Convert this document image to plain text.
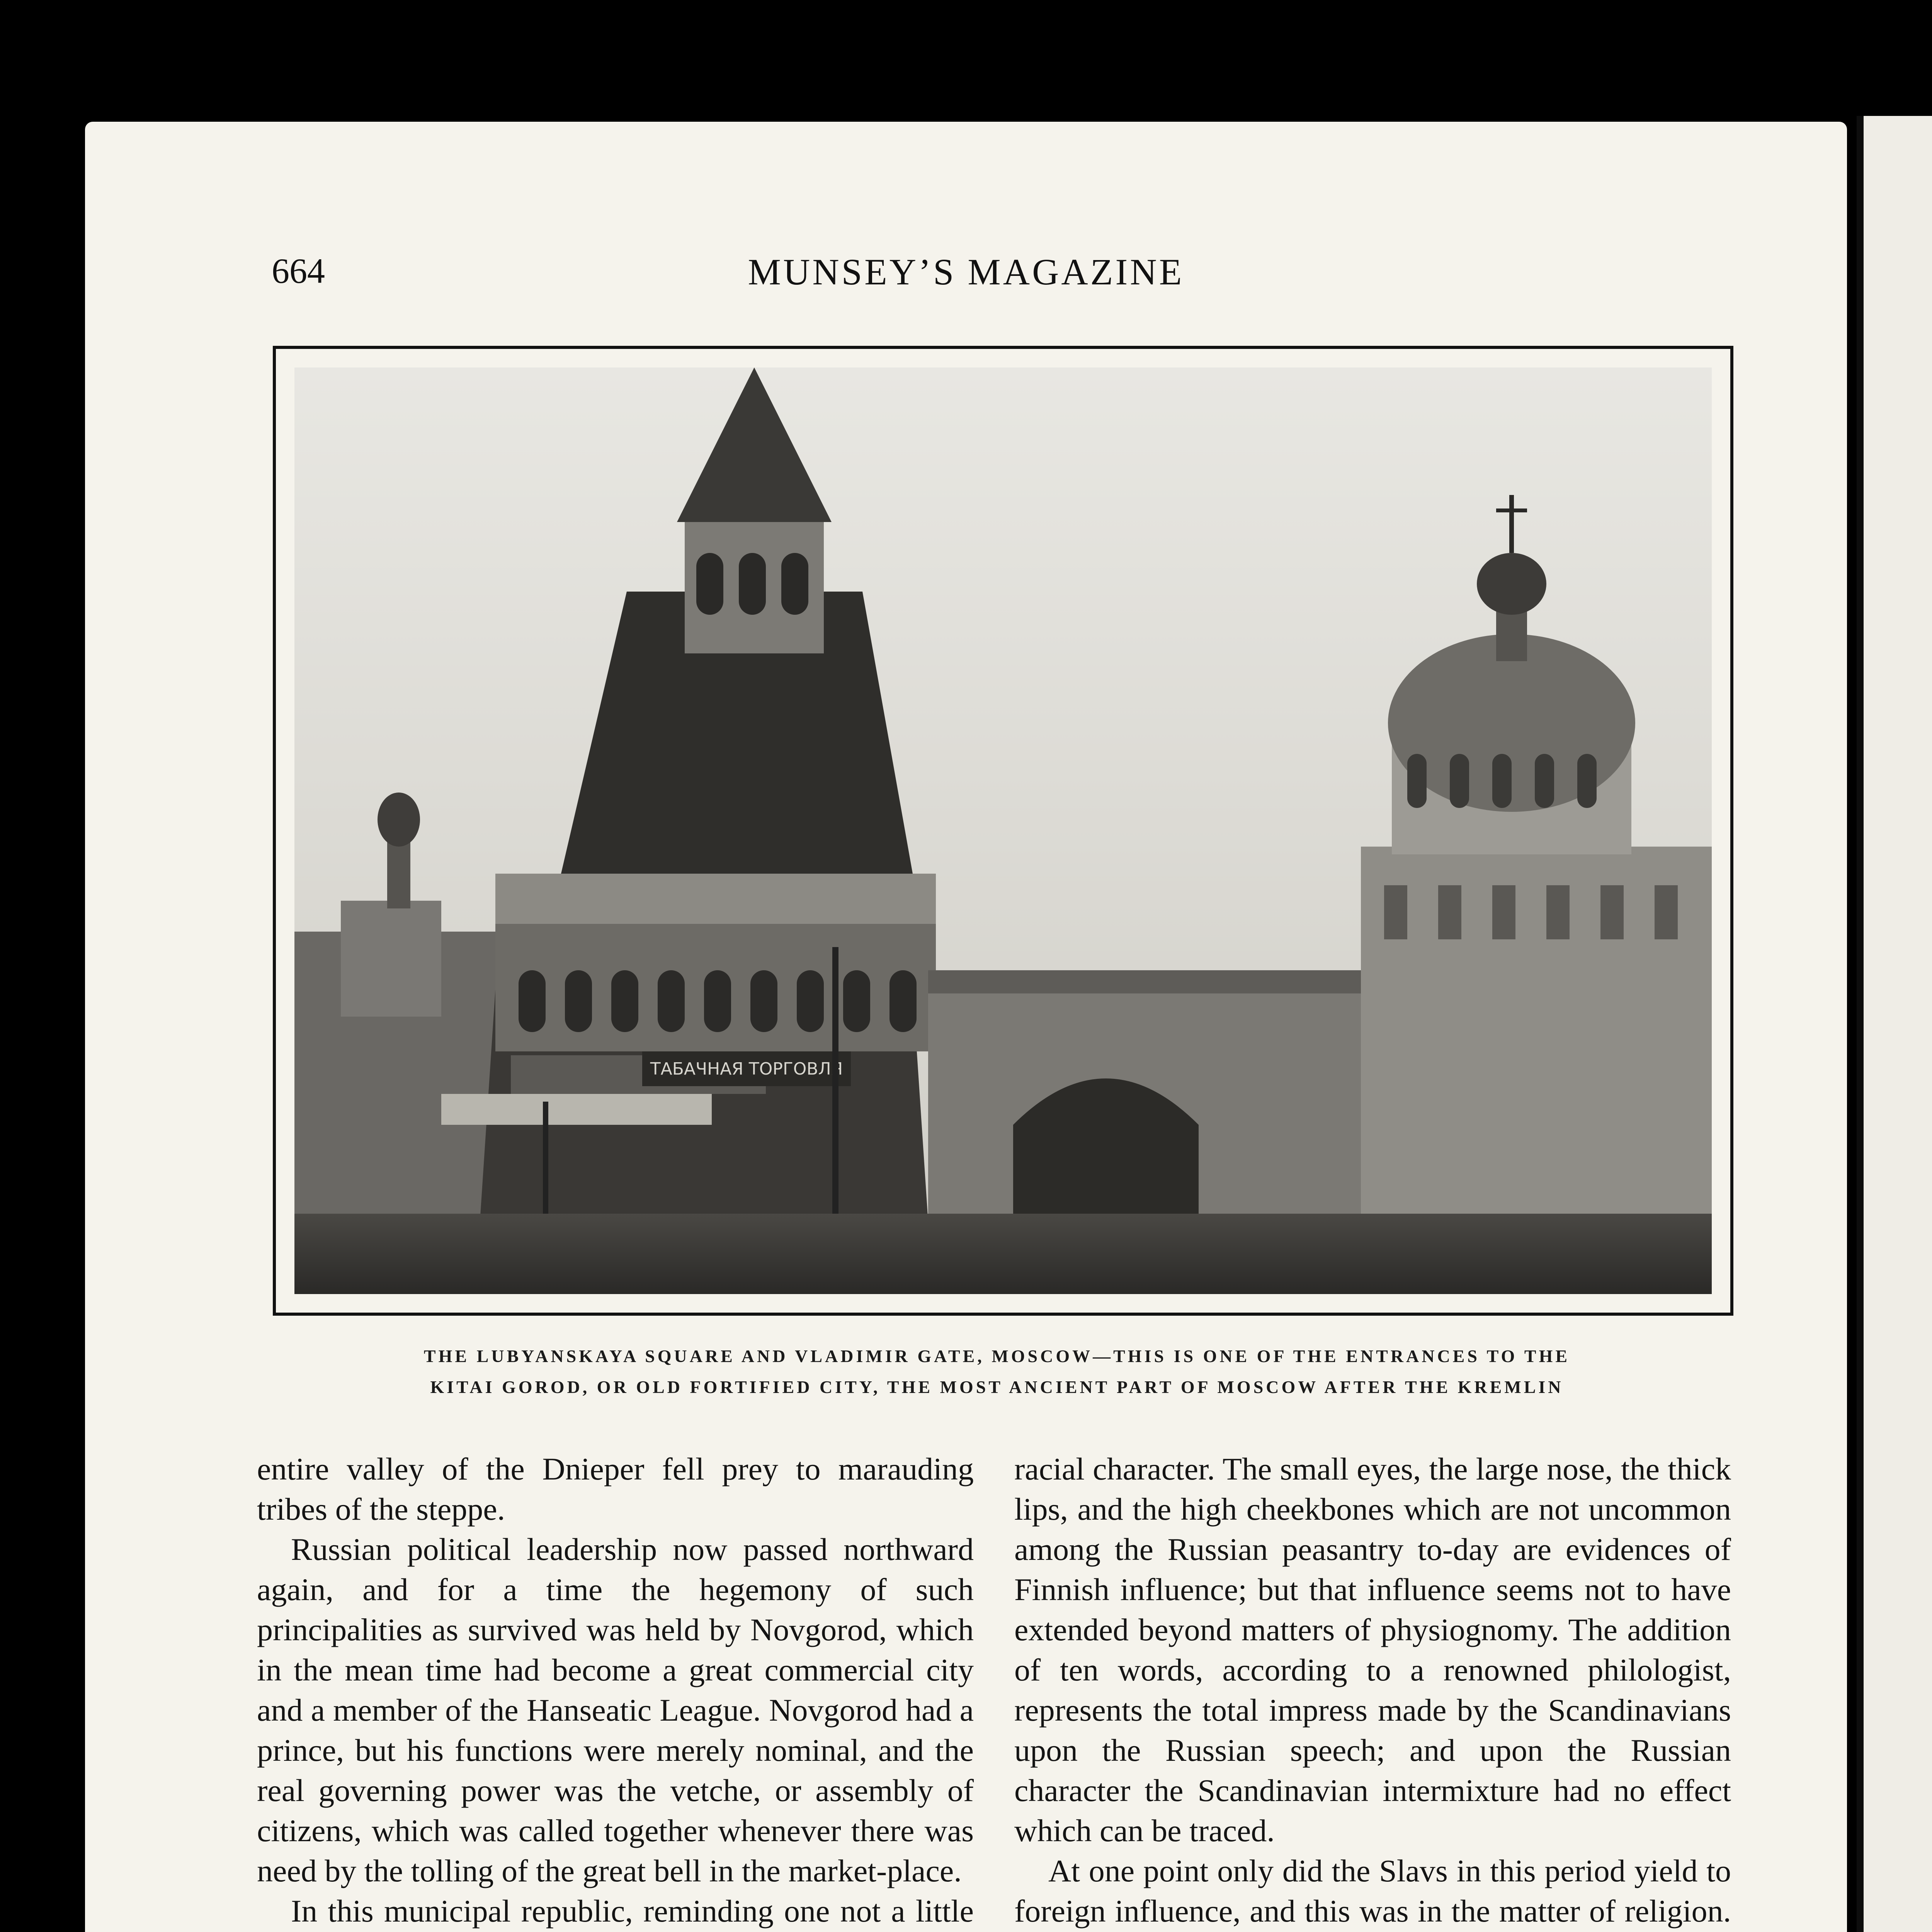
664	MUNSEY’S MAGAZINE
ТАБАЧНАЯ ТОРГОВЛЯ
THE LUBYANSKAYA SQUARE AND VLADIMIR GATE, MOSCOW—THIS IS ONE OF THE ENTRANCES TO THE
KITAI GOROD, OR OLD FORTIFIED CITY, THE MOST ANCIENT PART OF MOSCOW AFTER THE KREMLIN

entire valley of the Dnieper fell prey to marauding tribes of the steppe.

Russian political leadership now passed northward again, and for a time the hegemony of such principalities as survived was held by Novgorod, which in the mean time had become a great commercial city and a member of the Hanseatic League. Novgorod had a prince, but his functions were merely nominal, and the real governing power was the vetche, or assembly of citizens, which was called together whenever there was need by the tolling of the great bell in the market-place.

In this municipal republic, reminding one not a little

racial character. The small eyes, the large nose, the thick lips, and the high cheekbones which are not uncommon among the Russian peasantry to-day are evidences of Finnish influence; but that influence seems not to have extended beyond matters of physiognomy. The addition of ten words, according to a renowned philologist, represents the total impress made by the Scandinavians upon the Russian speech; and upon the Russian character the Scandinavian intermixture had no effect which can be traced.

At one point only did the Slavs in this period yield to foreign influence, and this was in the matter of religion.
